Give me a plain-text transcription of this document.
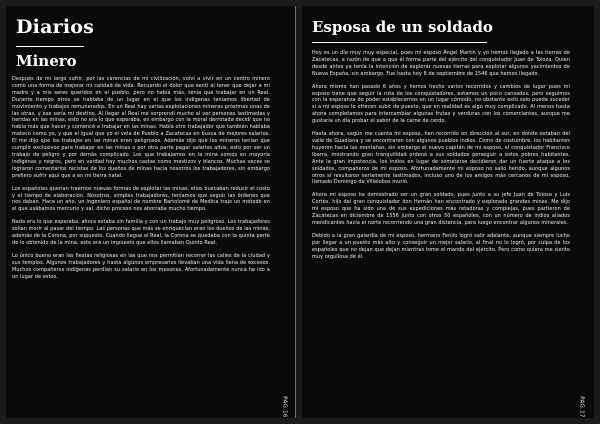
Diarios
Minero

Después de mi largo sufrir, por las carencias de mi civilización, volví a vivir en un centro minero como una forma de mejorar mi calidad de vida. Recuerdo el dolor que sentí al tener que dejar a mi madre y a mis seres queridos en el pueblo, pero no había más, tenía que trabajar en un Real. Durante tiempo otros se hablaba de un lugar en el que los indígenas teníamos libertad de movimiento y trabajos remunerados. En un Real hay varias explotaciones mineras próximas unas de las otras, y ese sería mi destino. Al llegar al Real me sorprendí mucho al ver personas lastimadas y heridas en las minas, esto no era lo que esperaba, en embargo con la moral derrotada decidí que no había más que hacer y comencé a trabajar en las minas. Había otro trabajador que también hablaba mateco como yo, y que el igual que yo el vela de Pueblo a Zacatecas en busca de mejores salarios. El me dijo que los trabajos en las minas eran peligrosos. Además dijo que los mineros tenían que cumplir exclusivos para trabajar en las minas o por otra parte pagar salarios altos, esto por ser un trabajo de peligro y por demás complicado. Los que trabajamos en la mina somos en mayoría indígenas y negros, pero en verdad hay muchos castas como mestizos y blancos. Muchas veces se lograron comentarios racistas de los dueños de minas hacia nosotros los trabajadores, sin embargo prefiero sufrir aquí que a en mi tierra natal.

Los españoles querían traernos nuevas formas de explotar las minas, ellos buscaban reducir el costo y el tiempo de elaboración. Nosotros, simples trabajadores, teníamos que seguir las órdenes que nos daban. Hace un año, un ingeniero español de nombre Bartolomé de Medina trajo un método en el que usábamos mercurio y sal, dicho proceso nos ahorraba mucho tiempo.

Nada era lo que esperaba, ahora estaba sin familia y con un trabajo muy peligroso. Los trabajadores solían morir al pasar del tiempo. Las personas que mas se enriquecían eran los dueños de las minas, además de la Corona, por supuesto. Cuando llegue al Real, la Corona se quedaba con la quinta parte de lo obtenido de la mina, este era un impuesto que ellos llamaban Quinto Real.

Lo único bueno eran las fiestas religiosas en las que nos permitían recorrer las calles de la ciudad y sus templos. Algunos trabajadores y hasta algunos empresarios llevaban una vida llena de excesos. Muchos compañeros indígenas perdían su salario en los mesones. Afortunadamente nunca he ido a un lugar de estos.

PAG.16
Esposa de un soldado

Hoy es un día muy muy especial, pues mi esposo Ángel Martín y yo hemos llegado a las tierras de Zacatecas, a razón de que a que él forma parte del ejército del conquistador Juan de Toloza. Quien desde antes ya tenía la intención de explorar nuevas tierras para explotar algunos yacimientos de Nueva España, sin embargo. Fue hasta hoy 8 de septiembre de 1546 que hemos llegado.

Ahora mismo han pasado 6 años y hemos hecho varios recorridos y cambios de lugar pues mi esposo tiene que seguir la ruta de los conquistadores, estamos un poco cansados, pero seguimos con la esperanza de poder establecernos en un lugar cómodo, no obstante esto solo puede suceder si a mi esposo le ofrecen subir de puesto, que en realidad es algo muy complicado. Al menos hasta ahora completamos para intercambiar algunas frutas y verduras con los comerciantes, aunque me gustaría un día probar el sabor de la carne de cerdo.

Hasta ahora, según me cuenta mi esposo, han recorrido en dirección al sur, en donde estaban del valle de Guadiana y se encontraron con algunos pueblos indios. Como de costumbre, los habitantes huyeron hacia las montañas, sin embargo el nuevo capitán de mi esposo, el conquistador Francisco Ibarra, mostrando gran tranquilidad ordenó a sus soldados perseguir a estos pobres habitantes. Ante la gran impotencia, los indios en lugar de someterse decidieron dar un fuerte ataque a los soldados, compañeros de mi esposo. Afortunadamente mi esposo no salió herido, aunque algunos otros sí resultaron seriamente lastimados, incluso uno de los amigos más cercanos de mi esposo, llamado Domingo de Villalobos murió.

Ahora mi esposo ha demostrado ser un gran soldado, pues junto a su jefe Juan de Tolosa y Luis Cortés, hijo del gran conquistador don Hernán han encontrado y explorado grandes minas. Me dijo mi esposo que ha sido una de sus expediciones más retadoras y complejas, pues partieron de Zacatecas en diciembre de 1556 junto con otros 50 españoles, con un número de indios aliados mendicantes hacia el norte recorriendo una gran distancia, para luego encontrar algunos minerales.

Debido a la gran galardía de mi esposo, hermano Fenilo logró salir adelante, aunque siempre lucho por llegar a un puesto más alto y conseguir un mejor salario, al final no lo logró, por culpa de los españoles que no dejan que dejan mientras tome el mando del ejército. Pero como quiera me siento muy orgullosa de él.

PAG.17
